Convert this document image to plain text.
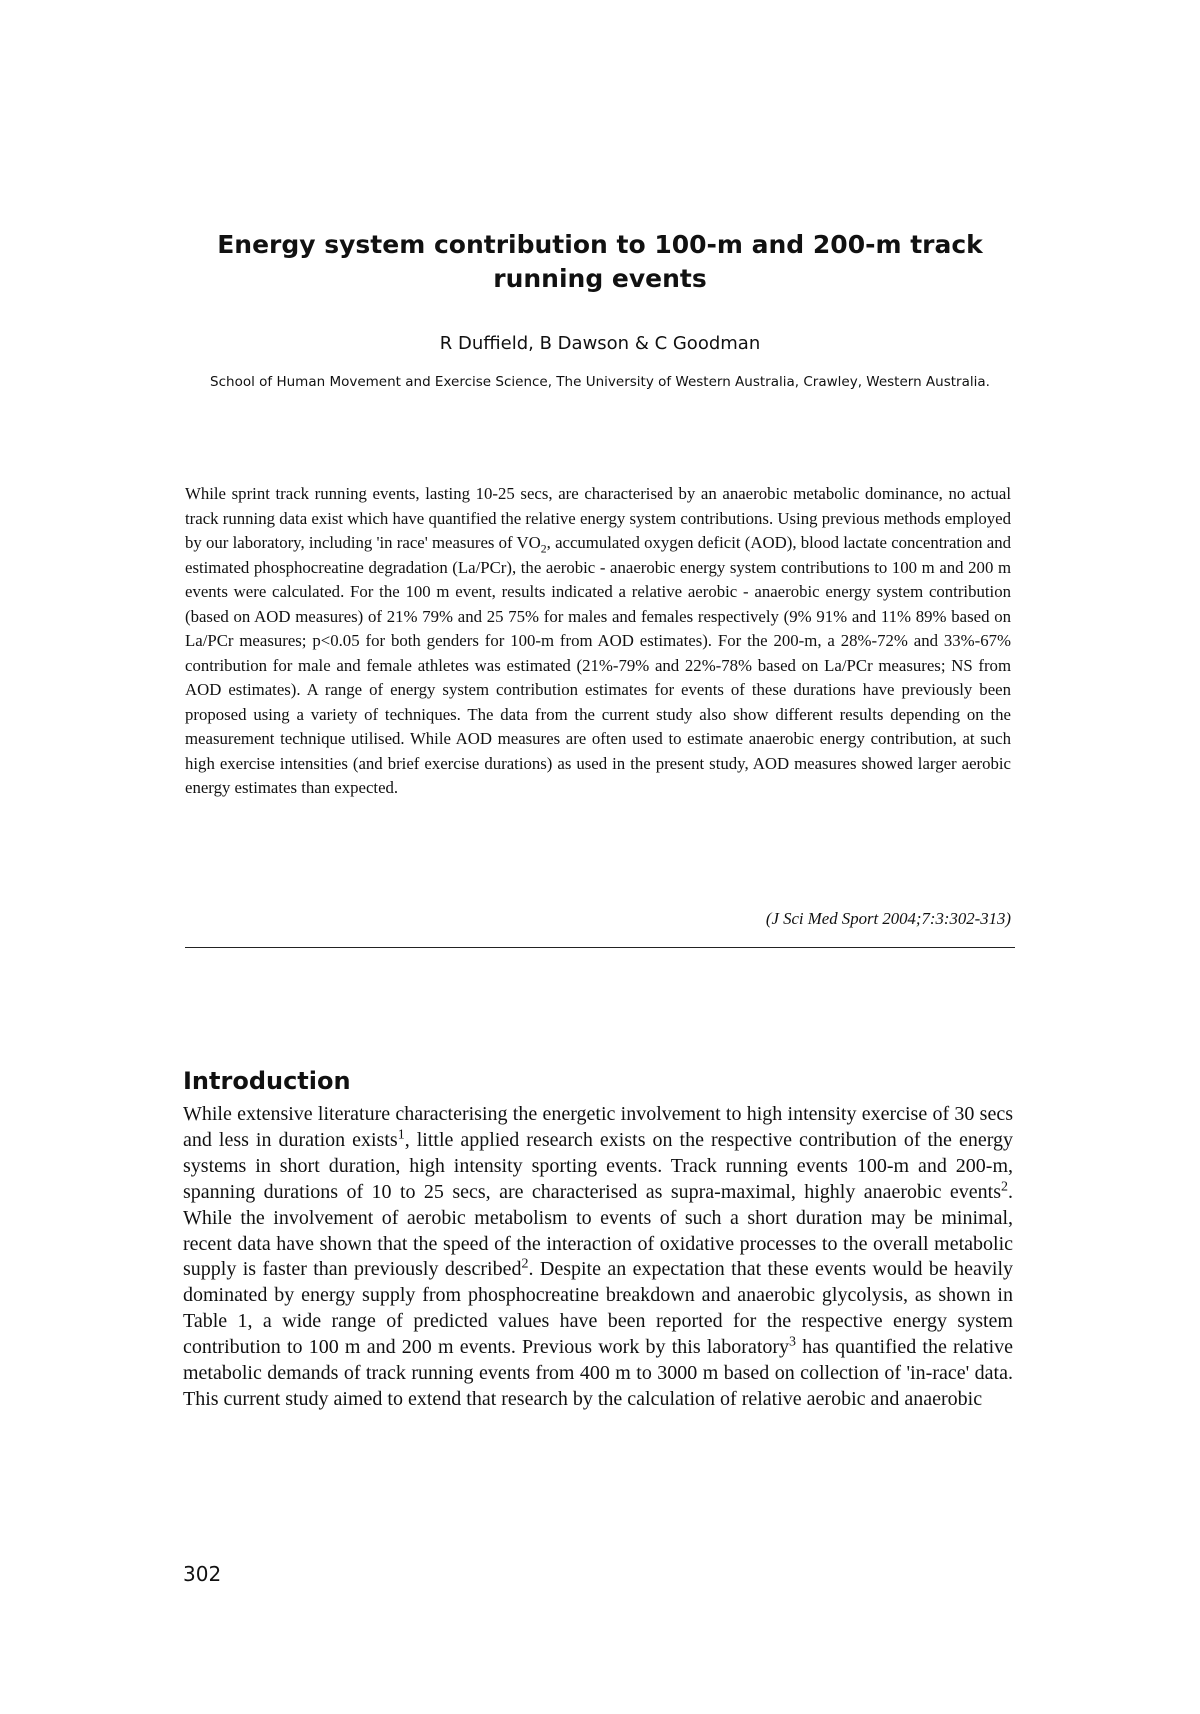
Energy system contribution to 100-m and 200-m track running events
R Duffield, B Dawson & C Goodman
School of Human Movement and Exercise Science, The University of Western Australia, Crawley, Western Australia.

While sprint track running events, lasting 10-25 secs, are characterised by an anaerobic metabolic dominance, no actual track running data exist which have quantified the relative energy system contributions. Using previous methods employed by our laboratory, including 'in race' measures of $VO_2$, accumulated oxygen deficit (AOD), blood lactate concentration and estimated phosphocreatine degradation (La/PCr), the aerobic - anaerobic energy system contributions to 100 m and 200 m events were calculated. For the 100 m event, results indicated a relative aerobic - anaerobic energy system contribution (based on AOD measures) of 21% 79% and 25 75% for males and females respectively (9% 91% and 11% 89% based on La/PCr measures; p<0.05 for both genders for 100-m from AOD estimates). For the 200-m, a 28%-72% and 33%-67% contribution for male and female athletes was estimated (21%-79% and 22%-78% based on La/PCr measures; NS from AOD estimates). A range of energy system contribution estimates for events of these durations have previously been proposed using a variety of techniques. The data from the current study also show different results depending on the measurement technique utilised. While AOD measures are often used to estimate anaerobic energy contribution, at such high exercise intensities (and brief exercise durations) as used in the present study, AOD measures showed larger aerobic energy estimates than expected.

(J Sci Med Sport 2004;7:3:302-313)
Introduction

While extensive literature characterising the energetic involvement to high intensity exercise of 30 secs and less in duration exists$^1$, little applied research exists on the respective contribution of the energy systems in short duration, high intensity sporting events. Track running events 100-m and 200-m, spanning durations of 10 to 25 secs, are characterised as supra-maximal, highly anaerobic events$^2$. While the involvement of aerobic metabolism to events of such a short duration may be minimal, recent data have shown that the speed of the interaction of oxidative processes to the overall metabolic supply is faster than previously described$^2$. Despite an expectation that these events would be heavily dominated by energy supply from phosphocreatine breakdown and anaerobic glycolysis, as shown in Table 1, a wide range of predicted values have been reported for the respective energy system contribution to 100 m and 200 m events. Previous work by this laboratory$^3$ has quantified the relative metabolic demands of track running events from 400 m to 3000 m based on collection of 'in-race' data. This current study aimed to extend that research by the calculation of relative aerobic and anaerobic

302
